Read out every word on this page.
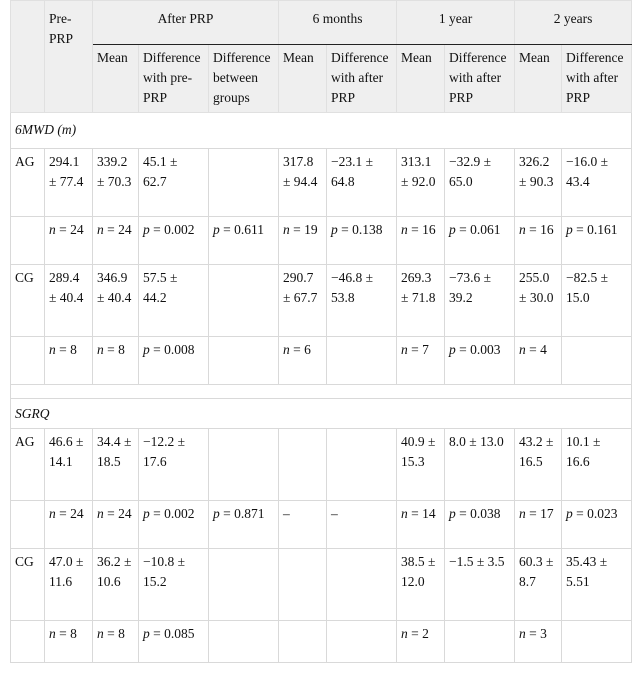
	Pre-PRP	After PRP			6 months		1 year		2 years	
		Mean	Difference with pre-PRP	Difference between groups	Mean	Difference with after PRP	Mean	Difference with after PRP	Mean	Difference with after PRP
6MWD (m)										
AG	294.1 ± 77.4	339.2 ± 70.3	45.1 ± 62.7		317.8 ± 94.4	−23.1 ± 64.8	313.1 ± 92.0	−32.9 ± 65.0	326.2 ± 90.3	−16.0 ± 43.4
	n = 24	n = 24	p = 0.002	p = 0.611	n = 19	p = 0.138	n = 16	p = 0.061	n = 16	p = 0.161
CG	289.4 ± 40.4	346.9 ± 40.4	57.5 ± 44.2		290.7 ± 67.7	−46.8 ± 53.8	269.3 ± 71.8	−73.6 ± 39.2	255.0 ± 30.0	−82.5 ± 15.0
	n = 8	n = 8	p = 0.008		n = 6		n = 7	p = 0.003	n = 4	

SGRQ										
AG	46.6 ± 14.1	34.4 ± 18.5	−12.2 ± 17.6				40.9 ± 15.3	8.0 ± 13.0	43.2 ± 16.5	10.1 ± 16.6
	n = 24	n = 24	p = 0.002	p = 0.871	–	–	n = 14	p = 0.038	n = 17	p = 0.023
CG	47.0 ± 11.6	36.2 ± 10.6	−10.8 ± 15.2				38.5 ± 12.0	−1.5 ± 3.5	60.3 ± 8.7	35.43 ± 5.51
	n = 8	n = 8	p = 0.085				n = 2		n = 3	
